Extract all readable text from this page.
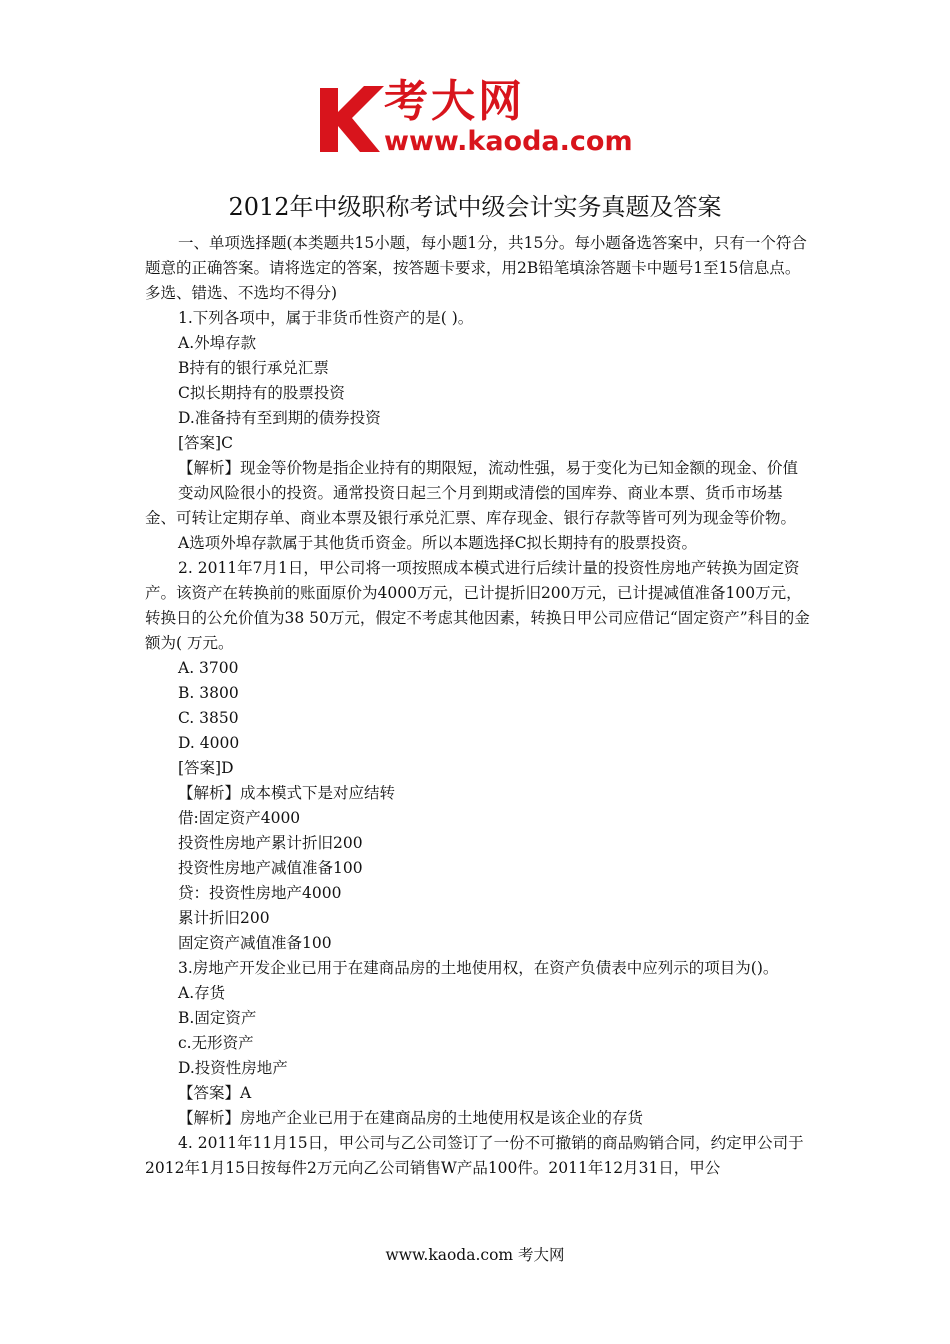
考大网
www.kaoda.com
2012年中级职称考试中级会计实务真题及答案

一、单项选择题(本类题共15小题，每小题1分，共15分。每小题备选答案中，只有一个符合题意的正确答案。请将选定的答案，按答题卡要求，用2B铅笔填涂答题卡中题号1至15信息点。多选、错选、不选均不得分)

1.下列各项中，属于非货币性资产的是( )。

A.外埠存款

B持有的银行承兑汇票

C拟长期持有的股票投资

D.准备持有至到期的债券投资

[答案]C

【解析】现金等价物是指企业持有的期限短，流动性强，易于变化为已知金额的现金、价值

变动风险很小的投资。通常投资日起三个月到期或清偿的国库券、商业本票、货币市场基金、可转让定期存单、商业本票及银行承兑汇票、库存现金、银行存款等皆可列为现金等价物。

A选项外埠存款属于其他货币资金。所以本题选择C拟长期持有的股票投资。

2. 2011年7月1日，甲公司将一项按照成本模式进行后续计量的投资性房地产转换为固定资产。该资产在转换前的账面原价为4000万元，已计提折旧200万元，已计提减值准备100万元，转换日的公允价值为38 50万元，假定不考虑其他因素，转换日甲公司应借记“固定资产”科目的金额为( 万元。

A. 3700

B. 3800

C. 3850

D. 4000

[答案]D

【解析】成本模式下是对应结转

借:固定资产4000

投资性房地产累计折旧200

投资性房地产减值准备100

贷：投资性房地产4000

累计折旧200

固定资产减值准备100

3.房地产开发企业已用于在建商品房的土地使用权，在资产负债表中应列示的项目为()。

A.存货

B.固定资产

c.无形资产

D.投资性房地产

【答案】A

【解析】房地产企业已用于在建商品房的土地使用权是该企业的存货

4. 2011年11月15日，甲公司与乙公司签订了一份不可撤销的商品购销合同，约定甲公司于2012年1月15日按每件2万元向乙公司销售W产品100件。2011年12月31日，甲公

www.kaoda.com 考大网
